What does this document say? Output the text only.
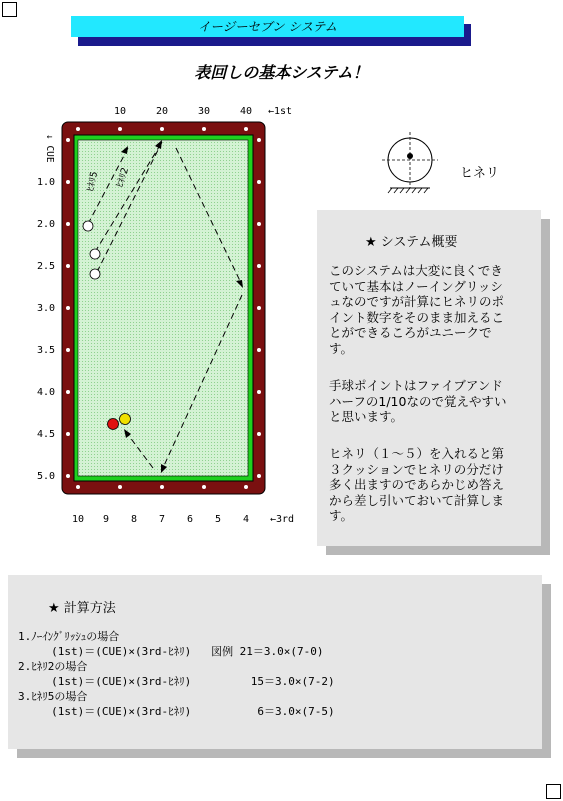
イージーセブン システム
表回しの基本システム！
ﾋﾈﾘ5 ﾋﾈﾘ2
10	20	30	40 ←1st
↓ CUE
1.0
2.0
2.5
3.0
3.5
4.0
4.5
5.0
10 9 8 7 6 5 4 ←3rd
ヒネリ
★ システム概要
このシステムは大変に良くでき
ていて基本はノーイングリッシ
ュなのですが計算にヒネリのポ
イント数字をそのまま加えるこ
とができるころがユニークで
す。
手球ポイントはファイブアンド
ハーフの1/10なので覚えやすい
と思います。
ヒネリ（１～５）を入れると第
３クッションでヒネリの分だけ
多く出ますのであらかじめ答え
から差し引いておいて計算しま
す。
★ 計算方法
1.ﾉｰｲﾝｸﾞﾘｯｼｭの場合
(1st)＝(CUE)×(3rd-ﾋﾈﾘ)   図例 21＝3.0×(7-0)
2.ﾋﾈﾘ2の場合
(1st)＝(CUE)×(3rd-ﾋﾈﾘ)         15＝3.0×(7-2)
3.ﾋﾈﾘ5の場合
(1st)＝(CUE)×(3rd-ﾋﾈﾘ)          6＝3.0×(7-5)
